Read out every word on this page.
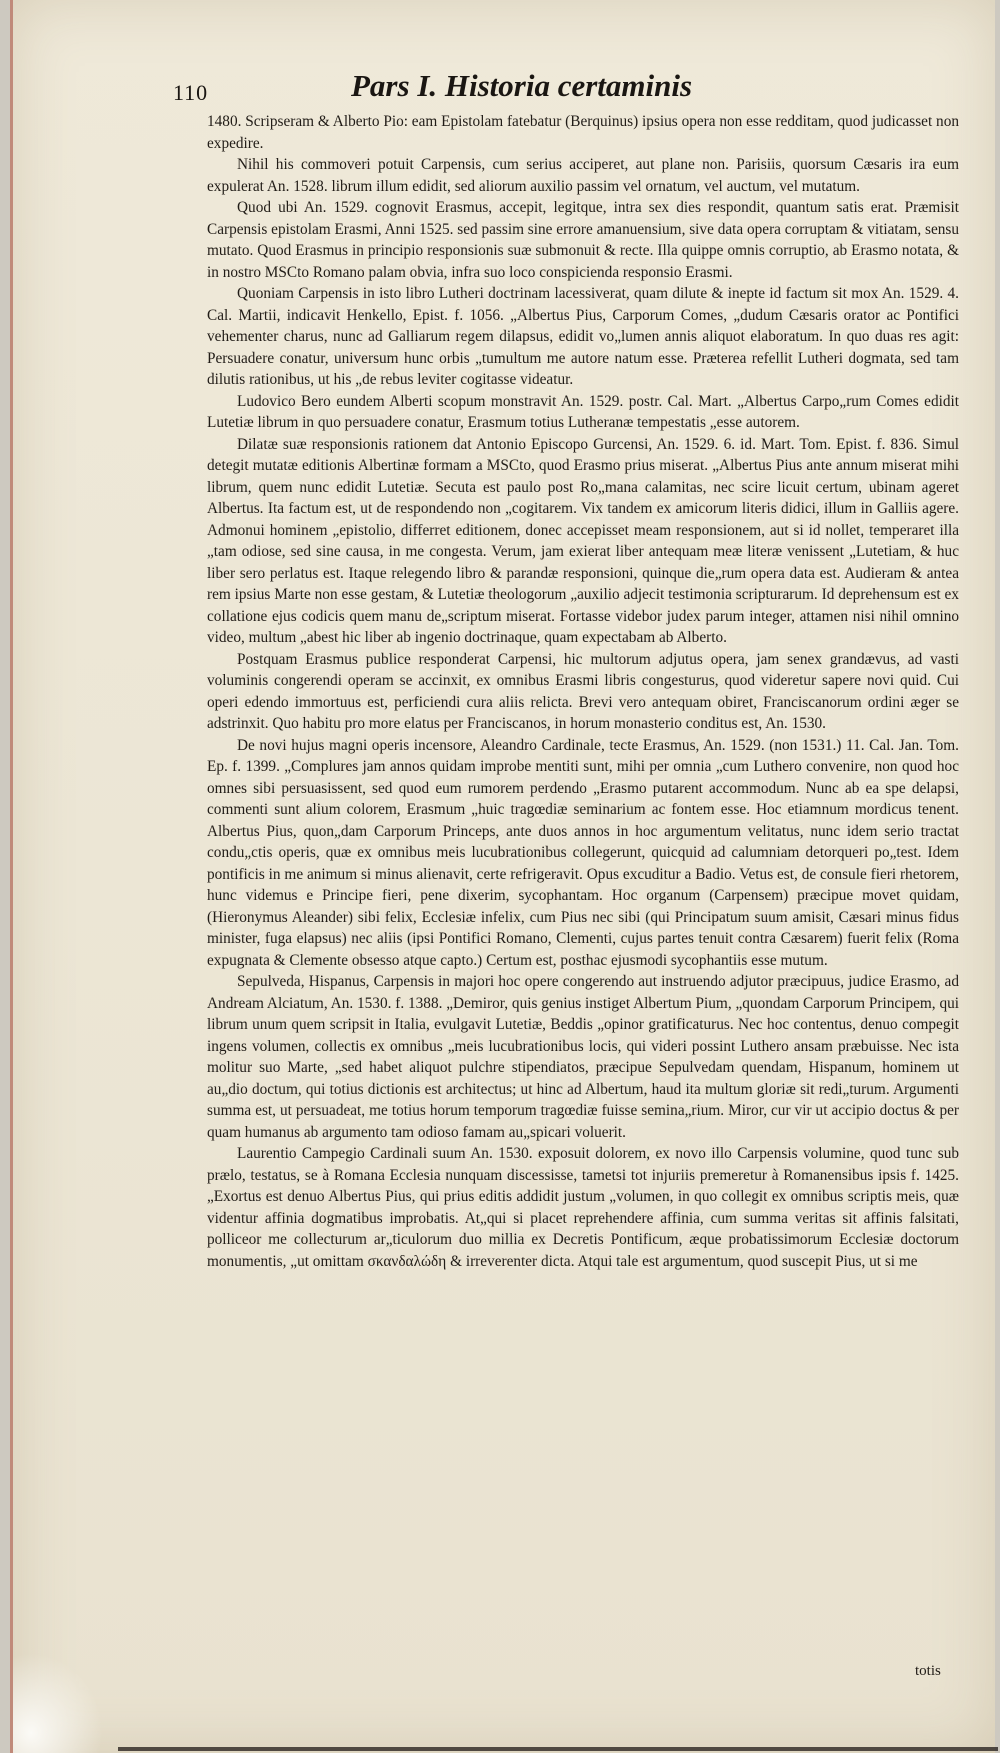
110	Pars I. Historia certaminis

1480. Scripseram & Alberto Pio: eam Epistolam fatebatur (Berquinus) ipsius opera non esse redditam, quod judicasset non expedire.

Nihil his commoveri potuit Carpensis, cum serius acciperet, aut plane non. Parisiis, quorsum Cæsaris ira eum expulerat An. 1528. librum illum edidit, sed aliorum auxilio passim vel ornatum, vel auctum, vel mutatum.

Quod ubi An. 1529. cognovit Erasmus, accepit, legitque, intra sex dies respondit, quantum satis erat. Præmisit Carpensis epistolam Erasmi, Anni 1525. sed passim sine errore amanuensium, sive data opera corruptam & vitiatam, sensu mutato. Quod Erasmus in principio responsionis suæ submonuit & recte. Illa quippe omnis corruptio, ab Erasmo notata, & in nostro MSCto Romano palam obvia, infra suo loco conspicienda responsio Erasmi.

Quoniam Carpensis in isto libro Lutheri doctrinam lacessiverat, quam dilute & inepte id factum sit mox An. 1529. 4. Cal. Martii, indicavit Henkello, Epist. f. 1056. „Albertus Pius, Carporum Comes, „dudum Cæsaris orator ac Pontifici vehementer charus, nunc ad Galliarum regem dilapsus, edidit vo„lumen annis aliquot elaboratum. In quo duas res agit: Persuadere conatur, universum hunc orbis „tumultum me autore natum esse. Præterea refellit Lutheri dogmata, sed tam dilutis rationibus, ut his „de rebus leviter cogitasse videatur.

Ludovico Bero eundem Alberti scopum monstravit An. 1529. postr. Cal. Mart. „Albertus Carpo„rum Comes edidit Lutetiæ librum in quo persuadere conatur, Erasmum totius Lutheranæ tempestatis „esse autorem.

Dilatæ suæ responsionis rationem dat Antonio Episcopo Gurcensi, An. 1529. 6. id. Mart. Tom. Epist. f. 836. Simul detegit mutatæ editionis Albertinæ formam a MSCto, quod Erasmo prius miserat. „Albertus Pius ante annum miserat mihi librum, quem nunc edidit Lutetiæ. Secuta est paulo post Ro„mana calamitas, nec scire licuit certum, ubinam ageret Albertus. Ita factum est, ut de respondendo non „cogitarem. Vix tandem ex amicorum literis didici, illum in Galliis agere. Admonui hominem „epistolio, differret editionem, donec accepisset meam responsionem, aut si id nollet, temperaret illa „tam odiose, sed sine causa, in me congesta. Verum, jam exierat liber antequam meæ literæ venissent „Lutetiam, & huc liber sero perlatus est. Itaque relegendo libro & parandæ responsioni, quinque die„rum opera data est. Audieram & antea rem ipsius Marte non esse gestam, & Lutetiæ theologorum „auxilio adjecit testimonia scripturarum. Id deprehensum est ex collatione ejus codicis quem manu de„scriptum miserat. Fortasse videbor judex parum integer, attamen nisi nihil omnino video, multum „abest hic liber ab ingenio doctrinaque, quam expectabam ab Alberto.

Postquam Erasmus publice responderat Carpensi, hic multorum adjutus opera, jam senex grandævus, ad vasti voluminis congerendi operam se accinxit, ex omnibus Erasmi libris congesturus, quod videretur sapere novi quid. Cui operi edendo immortuus est, perficiendi cura aliis relicta. Brevi vero antequam obiret, Franciscanorum ordini æger se adstrinxit. Quo habitu pro more elatus per Franciscanos, in horum monasterio conditus est, An. 1530.

De novi hujus magni operis incensore, Aleandro Cardinale, tecte Erasmus, An. 1529. (non 1531.) 11. Cal. Jan. Tom. Ep. f. 1399. „Complures jam annos quidam improbe mentiti sunt, mihi per omnia „cum Luthero convenire, non quod hoc omnes sibi persuasissent, sed quod eum rumorem perdendo „Erasmo putarent accommodum. Nunc ab ea spe delapsi, commenti sunt alium colorem, Erasmum „huic tragœdiæ seminarium ac fontem esse. Hoc etiamnum mordicus tenent. Albertus Pius, quon„dam Carporum Princeps, ante duos annos in hoc argumentum velitatus, nunc idem serio tractat condu„ctis operis, quæ ex omnibus meis lucubrationibus collegerunt, quicquid ad calumniam detorqueri po„test. Idem pontificis in me animum si minus alienavit, certe refrigeravit. Opus excuditur a Badio. Vetus est, de consule fieri rhetorem, hunc videmus e Principe fieri, pene dixerim, sycophantam. Hoc organum (Carpensem) præcipue movet quidam, (Hieronymus Aleander) sibi felix, Ecclesiæ infelix, cum Pius nec sibi (qui Principatum suum amisit, Cæsari minus fidus minister, fuga elapsus) nec aliis (ipsi Pontifici Romano, Clementi, cujus partes tenuit contra Cæsarem) fuerit felix (Roma expugnata & Clemente obsesso atque capto.) Certum est, posthac ejusmodi sycophantiis esse mutum.

Sepulveda, Hispanus, Carpensis in majori hoc opere congerendo aut instruendo adjutor præcipuus, judice Erasmo, ad Andream Alciatum, An. 1530. f. 1388. „Demiror, quis genius instiget Albertum Pium, „quondam Carporum Principem, qui librum unum quem scripsit in Italia, evulgavit Lutetiæ, Beddis „opinor gratificaturus. Nec hoc contentus, denuo compegit ingens volumen, collectis ex omnibus „meis lucubrationibus locis, qui videri possint Luthero ansam præbuisse. Nec ista molitur suo Marte, „sed habet aliquot pulchre stipendiatos, præcipue Sepulvedam quendam, Hispanum, hominem ut au„dio doctum, qui totius dictionis est architectus; ut hinc ad Albertum, haud ita multum gloriæ sit redi„turum. Argumenti summa est, ut persuadeat, me totius horum temporum tragœdiæ fuisse semina„rium. Miror, cur vir ut accipio doctus & per quam humanus ab argumento tam odioso famam au„spicari voluerit.

Laurentio Campegio Cardinali suum An. 1530. exposuit dolorem, ex novo illo Carpensis volumine, quod tunc sub prælo, testatus, se à Romana Ecclesia nunquam discessisse, tametsi tot injuriis premeretur à Romanensibus ipsis f. 1425. „Exortus est denuo Albertus Pius, qui prius editis addidit justum „volumen, in quo collegit ex omnibus scriptis meis, quæ videntur affinia dogmatibus improbatis. At„qui si placet reprehendere affinia, cum summa veritas sit affinis falsitati, polliceor me collecturum ar„ticulorum duo millia ex Decretis Pontificum, æque probatissimorum Ecclesiæ doctorum monumentis, „ut omittam σκανδαλώδη & irreverenter dicta. Atqui tale est argumentum, quod suscepit Pius, ut si me

totis
